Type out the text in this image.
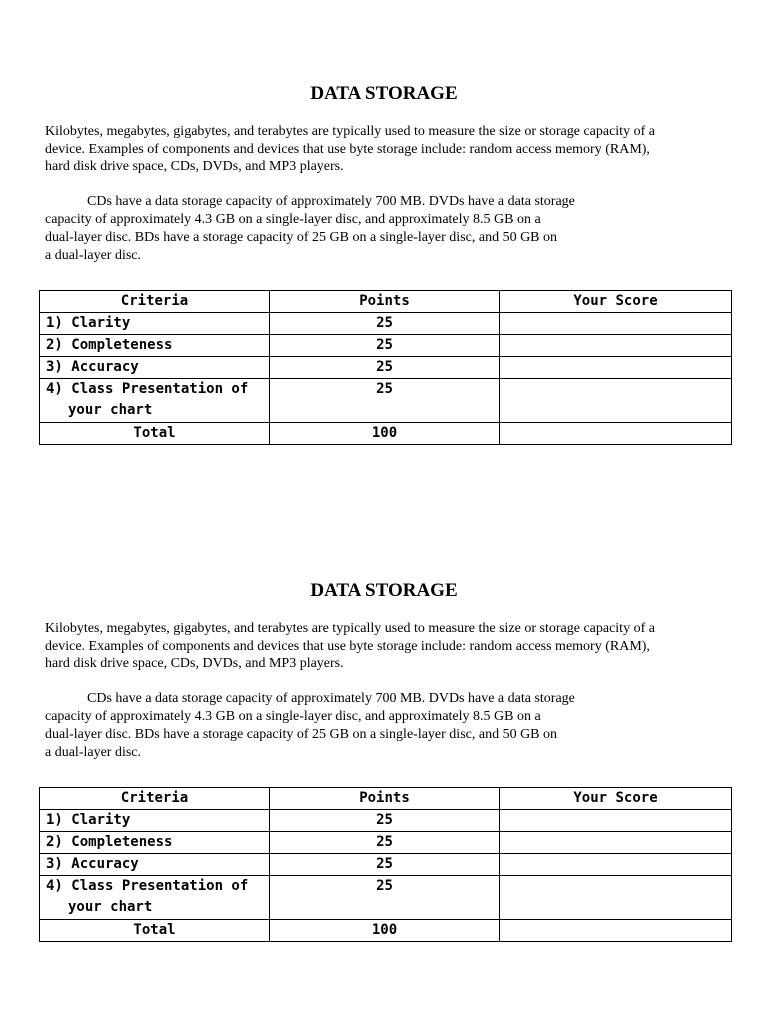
DATA STORAGE
Kilobytes, megabytes, gigabytes, and terabytes are typically used to measure the size or storage capacity of a
device. Examples of components and devices that use byte storage include: random access memory (RAM),
hard disk drive space, CDs, DVDs, and MP3 players.
CDs have a data storage capacity of approximately 700 MB. DVDs have a data storage
capacity of approximately 4.3 GB on a single-layer disc, and approximately 8.5 GB on a
dual-layer disc. BDs have a storage capacity of 25 GB on a single-layer disc, and 50 GB on
a dual-layer disc.
Criteria	Points	Your Score
1) Clarity	25	
2) Completeness	25	
3) Accuracy	25	
4) Class Presentation of
your chart	25	
Total	100	
DATA STORAGE
Kilobytes, megabytes, gigabytes, and terabytes are typically used to measure the size or storage capacity of a
device. Examples of components and devices that use byte storage include: random access memory (RAM),
hard disk drive space, CDs, DVDs, and MP3 players.
CDs have a data storage capacity of approximately 700 MB. DVDs have a data storage
capacity of approximately 4.3 GB on a single-layer disc, and approximately 8.5 GB on a
dual-layer disc. BDs have a storage capacity of 25 GB on a single-layer disc, and 50 GB on
a dual-layer disc.
Criteria	Points	Your Score
1) Clarity	25	
2) Completeness	25	
3) Accuracy	25	
4) Class Presentation of
your chart	25	
Total	100	
